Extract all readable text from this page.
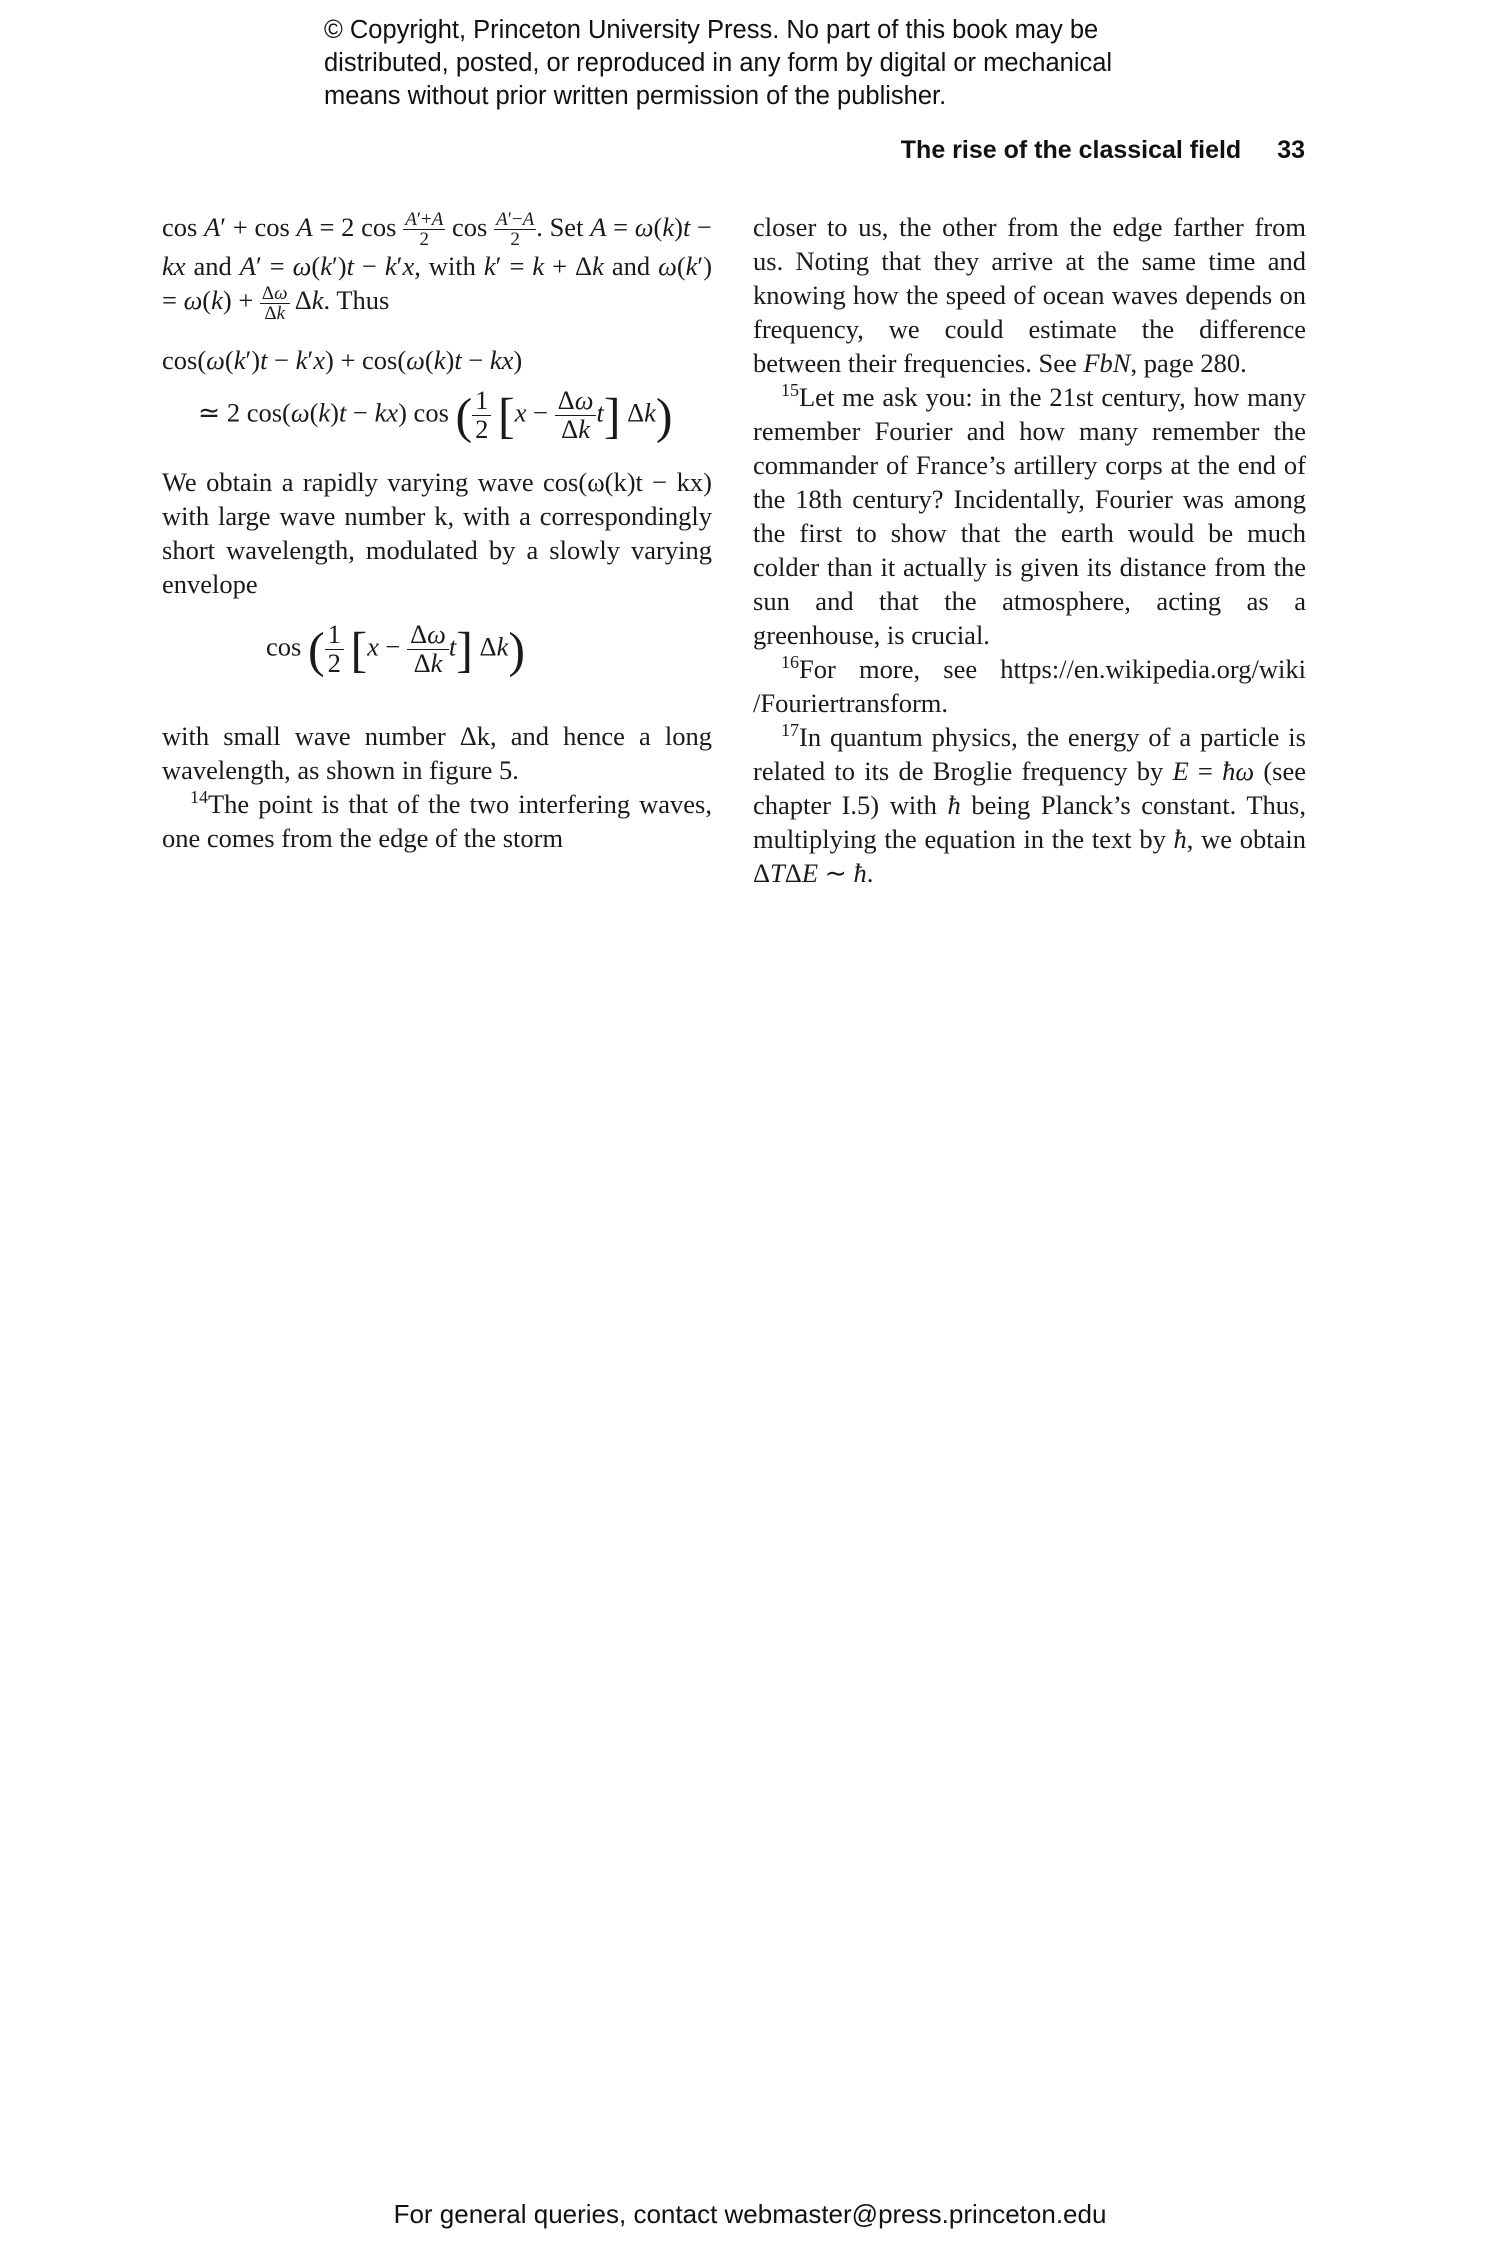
© Copyright, Princeton University Press. No part of this book may be
distributed, posted, or reproduced in any form by digital or mechanical
means without prior written permission of the publisher.
The rise of the classical field 33

cos A′ + cos A = 2 $\cos \frac{A'+A}{2}$ $\cos \frac{A'-A}{2}$ . Set A = ω(k)t − kx and A′ = ω(k′)t − k′x, with k′ = k + Δk and $\omega(k') = \omega(k) + \frac{\Delta\omega}{\Delta k} \Delta k$. Thus

cos(ω(k′)t − k′x) + cos(ω(k)t − kx)
≃ 2 cos(ω(k)t − kx) cos ( $\frac{1}{2} [x - \frac{\Delta\omega}{\Delta k} t]$ Δk)

We obtain a rapidly varying wave cos(ω(k)t − kx) with large wave number k, with a correspondingly short wavelength, modulated by a slowly varying envelope

cos ( $\frac{1}{2} [x - \frac{\Delta\omega}{\Delta k} t]$ Δk)

with small wave number Δk, and hence a long wavelength, as shown in figure 5.

$^{14}$The point is that of the two interfering waves, one comes from the edge of the storm

closer to us, the other from the edge farther from us. Noting that they arrive at the same time and knowing how the speed of ocean waves depends on frequency, we could estimate the difference between their frequencies. See FbN, page 280.

$^{15}$Let me ask you: in the 21st century, how many remember Fourier and how many remember the commander of France’s artillery corps at the end of the 18th century? Incidentally, Fourier was among the first to show that the earth would be much colder than it actually is given its distance from the sun and that the atmosphere, acting as a greenhouse, is crucial.

$^{16}$For more, see https://en.wikipedia.org/wiki /Fouriertransform.

$^{17}$In quantum physics, the energy of a particle is related to its de Broglie frequency by E = ħω (see chapter I.5) with ħ being Planck’s constant. Thus, multiplying the equation in the text by ħ, we obtain ΔTΔE ∼ ħ.

For general queries, contact webmaster@press.princeton.edu
